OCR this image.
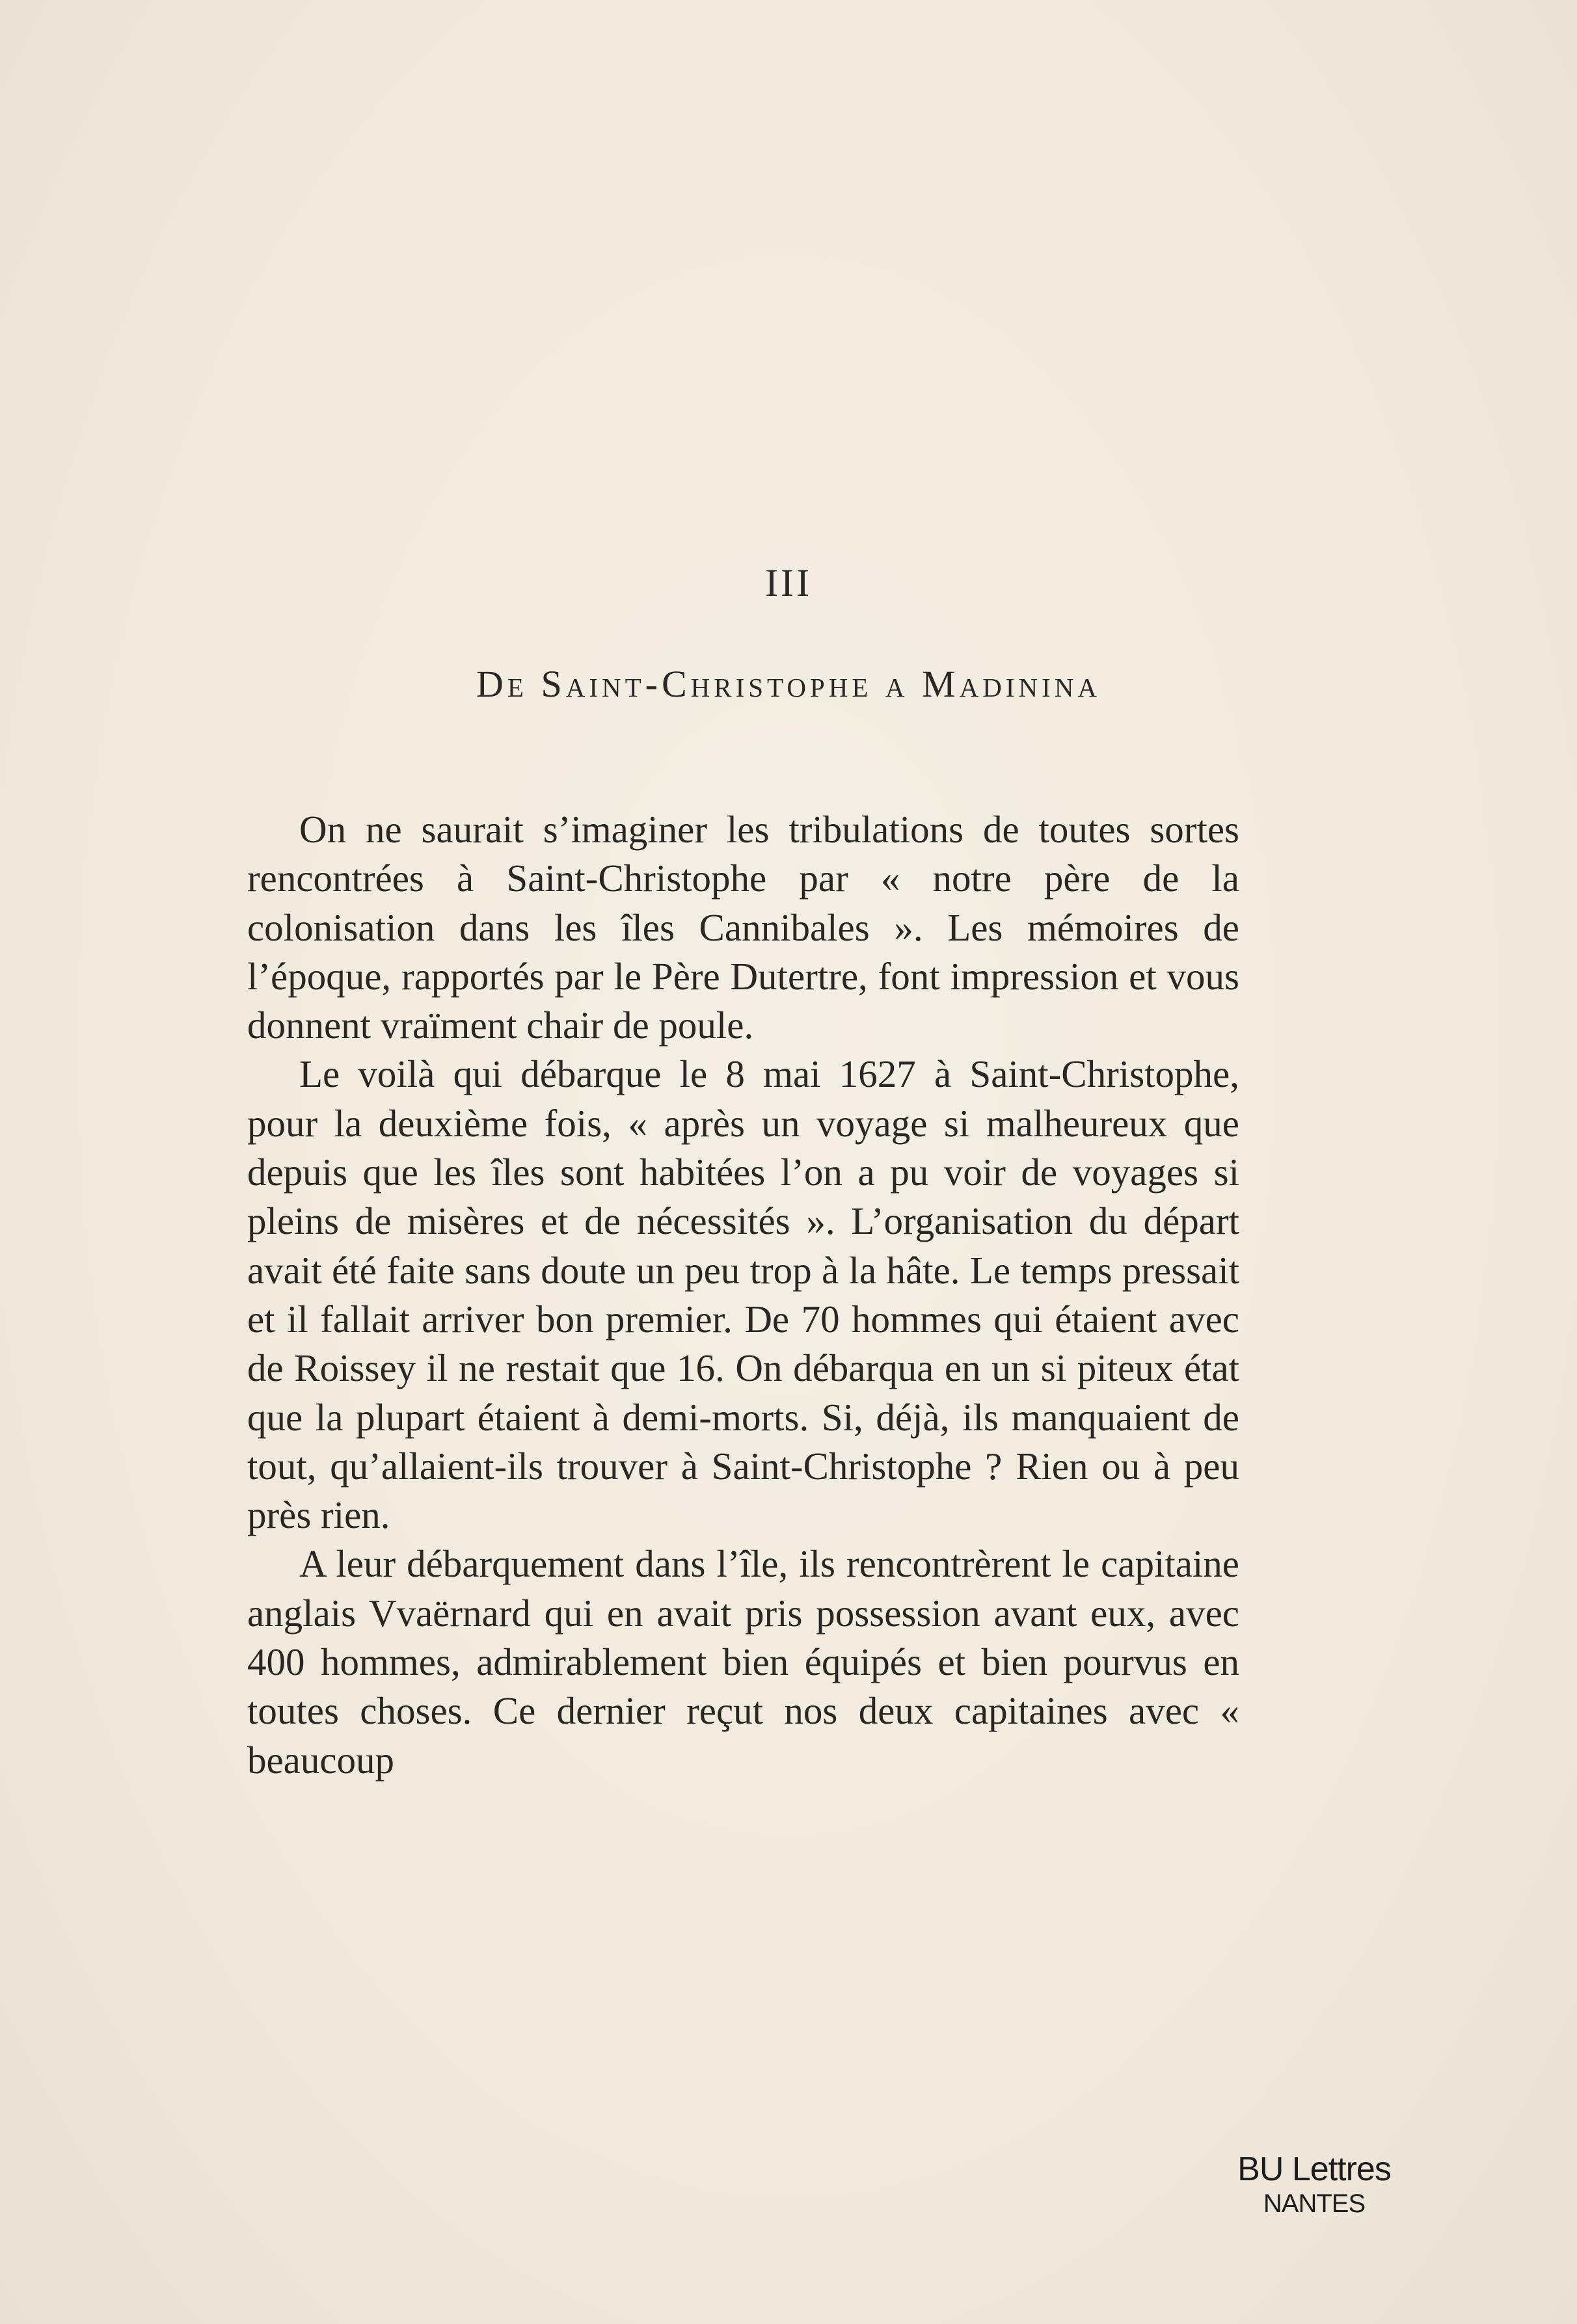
III
De Saint-Christophe a Madinina

On ne saurait s’imaginer les tribulations de toutes sortes rencontrées à Saint-Christophe par « notre père de la colonisation dans les îles Cannibales ». Les mémoires de l’époque, rapportés par le Père Dutertre, font impression et vous donnent vraïment chair de poule.

Le voilà qui débarque le 8 mai 1627 à Saint-Christophe, pour la deuxième fois, « après un voyage si malheureux que depuis que les îles sont habitées l’on a pu voir de voyages si pleins de misères et de nécessités ». L’organisation du départ avait été faite sans doute un peu trop à la hâte. Le temps pressait et il fallait arriver bon premier. De 70 hommes qui étaient avec de Roissey il ne restait que 16. On débarqua en un si piteux état que la plupart étaient à demi-morts. Si, déjà, ils manquaient de tout, qu’allaient-ils trouver à Saint-Christophe ? Rien ou à peu près rien.

A leur débarquement dans l’île, ils rencontrèrent le capitaine anglais Vvaërnard qui en avait pris possession avant eux, avec 400 hommes, admirablement bien équipés et bien pourvus en toutes choses. Ce dernier reçut nos deux capitaines avec « beaucoup

BU Lettres
NANTES
